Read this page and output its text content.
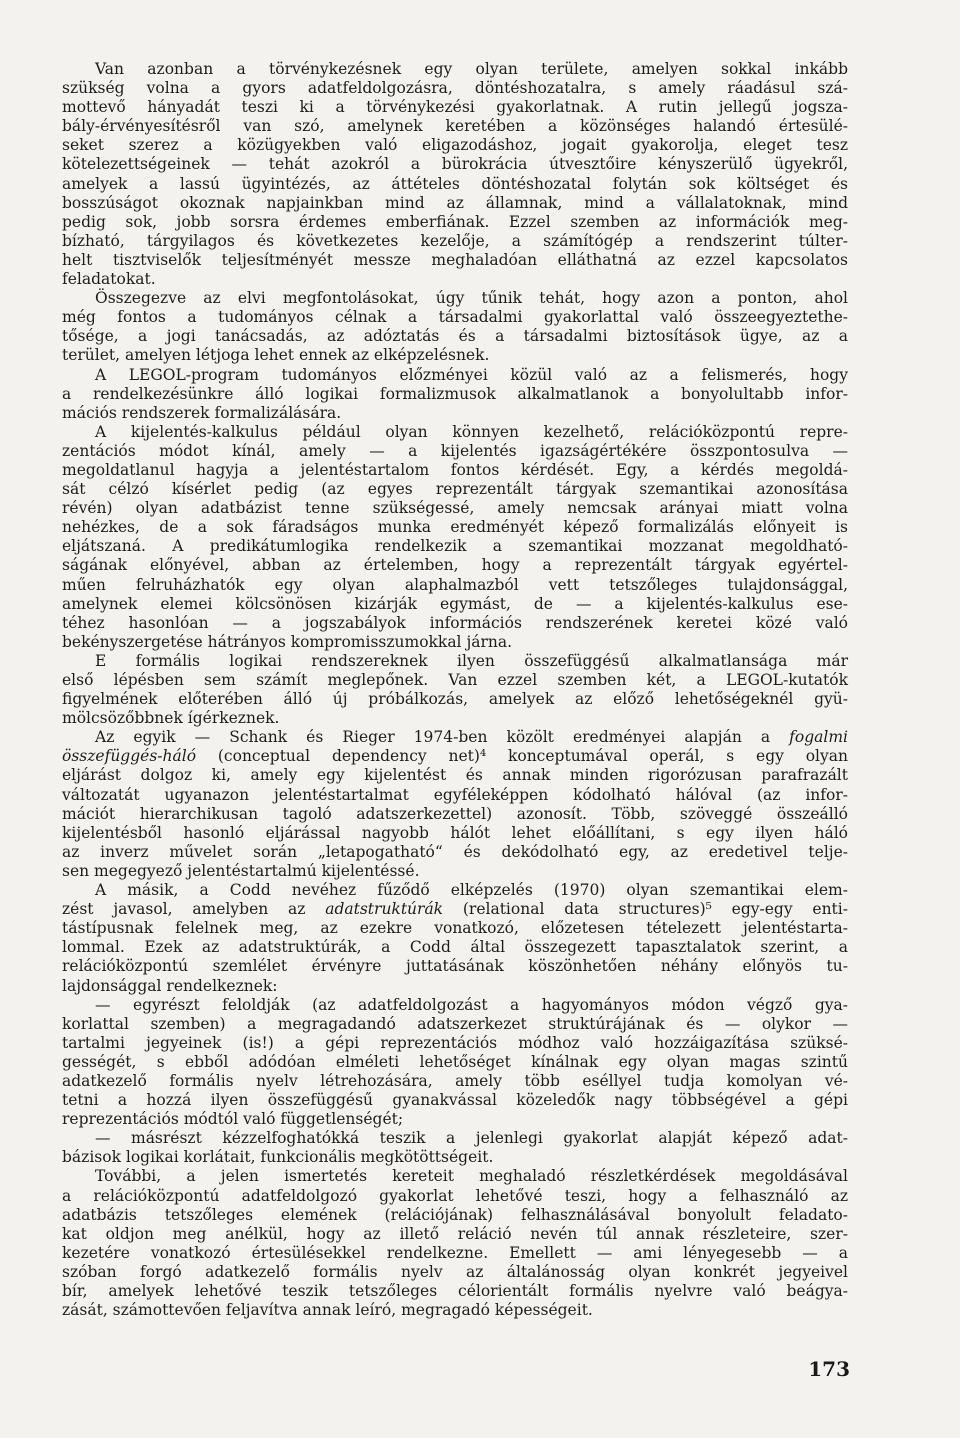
Van azonban a törvénykezésnek egy olyan területe, amelyen sokkal inkább
szükség volna a gyors adatfeldolgozásra, döntéshozatalra, s amely ráadásul szá-
mottevő hányadát teszi ki a törvénykezési gyakorlatnak. A rutin jellegű jogsza-
bály-érvényesítésről van szó, amelynek keretében a közönséges halandó értesülé-
seket szerez a közügyekben való eligazodáshoz, jogait gyakorolja, eleget tesz
kötelezettségeinek — tehát azokról a bürokrácia útvesztőire kényszerülő ügyekről,
amelyek a lassú ügyintézés, az áttételes döntéshozatal folytán sok költséget és
bosszúságot okoznak napjainkban mind az államnak, mind a vállalatoknak, mind
pedig sok, jobb sorsra érdemes emberfiának. Ezzel szemben az információk meg-
bízható, tárgyilagos és következetes kezelője, a számítógép a rendszerint túlter-
helt tisztviselők teljesítményét messze meghaladóan elláthatná az ezzel kapcsolatos
feladatokat.
Összegezve az elvi megfontolásokat, úgy tűnik tehát, hogy azon a ponton, ahol
még fontos a tudományos célnak a társadalmi gyakorlattal való összeegyeztethe-
tősége, a jogi tanácsadás, az adóztatás és a társadalmi biztosítások ügye, az a
terület, amelyen létjoga lehet ennek az elképzelésnek.
A LEGOL-program tudományos előzményei közül való az a felismerés, hogy
a rendelkezésünkre álló logikai formalizmusok alkalmatlanok a bonyolultabb infor-
mációs rendszerek formalizálására.
A kijelentés-kalkulus például olyan könnyen kezelhető, relációközpontú repre-
zentációs módot kínál, amely — a kijelentés igazságértékére összpontosulva —
megoldatlanul hagyja a jelentéstartalom fontos kérdését. Egy, a kérdés megoldá-
sát célzó kísérlet pedig (az egyes reprezentált tárgyak szemantikai azonosítása
révén) olyan adatbázist tenne szükségessé, amely nemcsak arányai miatt volna
nehézkes, de a sok fáradságos munka eredményét képező formalizálás előnyeit is
eljátszaná. A predikátumlogika rendelkezik a szemantikai mozzanat megoldható-
ságának előnyével, abban az értelemben, hogy a reprezentált tárgyak egyértel-
műen felruházhatók egy olyan alaphalmazból vett tetszőleges tulajdonsággal,
amelynek elemei kölcsönösen kizárják egymást, de — a kijelentés-kalkulus ese-
téhez hasonlóan — a jogszabályok információs rendszerének keretei közé való
bekényszergetése hátrányos kompromisszumokkal járna.
E formális logikai rendszereknek ilyen összefüggésű alkalmatlansága már
első lépésben sem számít meglepőnek. Van ezzel szemben két, a LEGOL-kutatók
figyelmének előterében álló új próbálkozás, amelyek az előző lehetőségeknél gyü-
mölcsözőbbnek ígérkeznek.
Az egyik — Schank és Rieger 1974-ben közölt eredményei alapján a fogalmi
összefüggés-háló (conceptual dependency net)⁴ konceptumával operál, s egy olyan
eljárást dolgoz ki, amely egy kijelentést és annak minden rigorózusan parafrazált
változatát ugyanazon jelentéstartalmat egyféleképpen kódolható hálóval (az infor-
mációt hierarchikusan tagoló adatszerkezettel) azonosít. Több, szöveggé összeálló
kijelentésből hasonló eljárással nagyobb hálót lehet előállítani, s egy ilyen háló
az inverz művelet során „letapogatható“ és dekódolható egy, az eredetivel telje-
sen megegyező jelentéstartalmú kijelentéssé.
A másik, a Codd nevéhez fűződő elképzelés (1970) olyan szemantikai elem-
zést javasol, amelyben az adatstruktúrák (relational data structures)⁵ egy-egy enti-
tástípusnak felelnek meg, az ezekre vonatkozó, előzetesen tételezett jelentéstarta-
lommal. Ezek az adatstruktúrák, a Codd által összegezett tapasztalatok szerint, a
relációközpontú szemlélet érvényre juttatásának köszönhetően néhány előnyös tu-
lajdonsággal rendelkeznek:
— egyrészt feloldják (az adatfeldolgozást a hagyományos módon végző gya-
korlattal szemben) a megragadandó adatszerkezet struktúrájának és — olykor —
tartalmi jegyeinek (is!) a gépi reprezentációs módhoz való hozzáigazítása szüksé-
gességét, s ebből adódóan elméleti lehetőséget kínálnak egy olyan magas szintű
adatkezelő formális nyelv létrehozására, amely több eséllyel tudja komolyan vé-
tetni a hozzá ilyen összefüggésű gyanakvással közeledők nagy többségével a gépi
reprezentációs módtól való függetlenségét;
— másrészt kézzelfoghatókká teszik a jelenlegi gyakorlat alapját képező adat-
bázisok logikai korlátait, funkcionális megkötöttségeit.
További, a jelen ismertetés kereteit meghaladó részletkérdések megoldásával
a relációközpontú adatfeldolgozó gyakorlat lehetővé teszi, hogy a felhasználó az
adatbázis tetszőleges elemének (relációjának) felhasználásával bonyolult feladato-
kat oldjon meg anélkül, hogy az illető reláció nevén túl annak részleteire, szer-
kezetére vonatkozó értesülésekkel rendelkezne. Emellett — ami lényegesebb — a
szóban forgó adatkezelő formális nyelv az általánosság olyan konkrét jegyeivel
bír, amelyek lehetővé teszik tetszőleges célorientált formális nyelvre való beágya-
zását, számottevően feljavítva annak leíró, megragadó képességeit.
173
